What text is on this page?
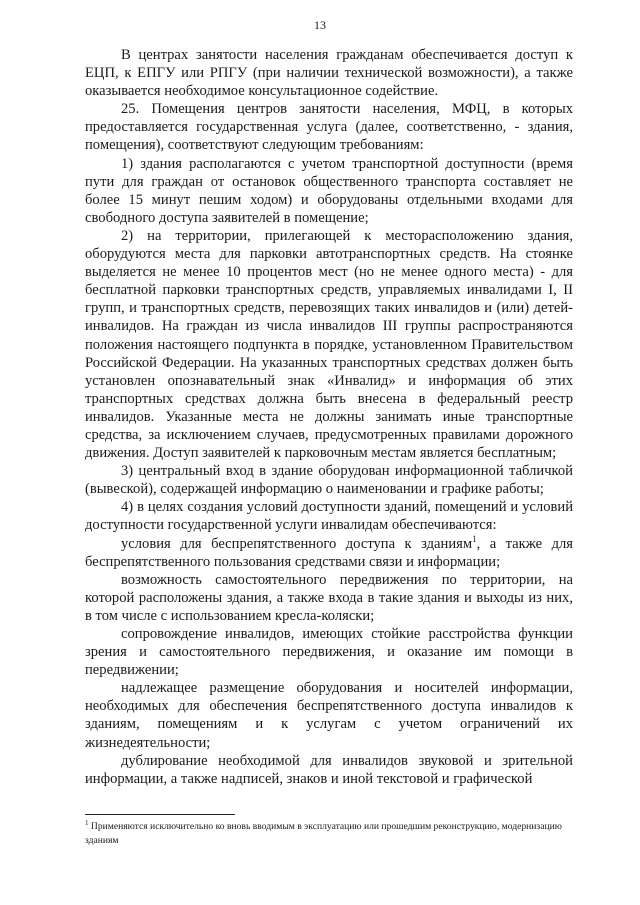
13

В центрах занятости населения гражданам обеспечивается доступ к ЕЦП, к ЕПГУ или РПГУ (при наличии технической возможности), а также оказывается необходимое консультационное содействие.

25. Помещения центров занятости населения, МФЦ, в которых предоставляется государственная услуга (далее, соответственно, - здания, помещения), соответствуют следующим требованиям:

1) здания располагаются с учетом транспортной доступности (время пути для граждан от остановок общественного транспорта составляет не более 15 минут пешим ходом) и оборудованы отдельными входами для свободного доступа заявителей в помещение;

2) на территории, прилегающей к месторасположению здания, оборудуются места для парковки автотранспортных средств. На стоянке выделяется не менее 10 процентов мест (но не менее одного места) - для бесплатной парковки транспортных средств, управляемых инвалидами I, II групп, и транспортных средств, перевозящих таких инвалидов и (или) детей-инвалидов. На граждан из числа инвалидов III группы распространяются положения настоящего подпункта в порядке, установленном Правительством Российской Федерации. На указанных транспортных средствах должен быть установлен опознавательный знак «Инвалид» и информация об этих транспортных средствах должна быть внесена в федеральный реестр инвалидов. Указанные места не должны занимать иные транспортные средства, за исключением случаев, предусмотренных правилами дорожного движения. Доступ заявителей к парковочным местам является бесплатным;

3) центральный вход в здание оборудован информационной табличкой (вывеской), содержащей информацию о наименовании и графике работы;

4) в целях создания условий доступности зданий, помещений и условий доступности государственной услуги инвалидам обеспечиваются:

условия для беспрепятственного доступа к зданиям$^1$, а также для беспрепятственного пользования средствами связи и информации;

возможность самостоятельного передвижения по территории, на которой расположены здания, а также входа в такие здания и выходы из них, в том числе с использованием кресла-коляски;

сопровождение инвалидов, имеющих стойкие расстройства функции зрения и самостоятельного передвижения, и оказание им помощи в передвижении;

надлежащее размещение оборудования и носителей информации, необходимых для обеспечения беспрепятственного доступа инвалидов к зданиям, помещениям и к услугам с учетом ограничений их жизнедеятельности;

дублирование необходимой для инвалидов звуковой и зрительной информации, а также надписей, знаков и иной текстовой и графической

$^1$ Применяются исключительно ко вновь вводимым в эксплуатацию или прошедшим реконструкцию, модернизацию зданиям
